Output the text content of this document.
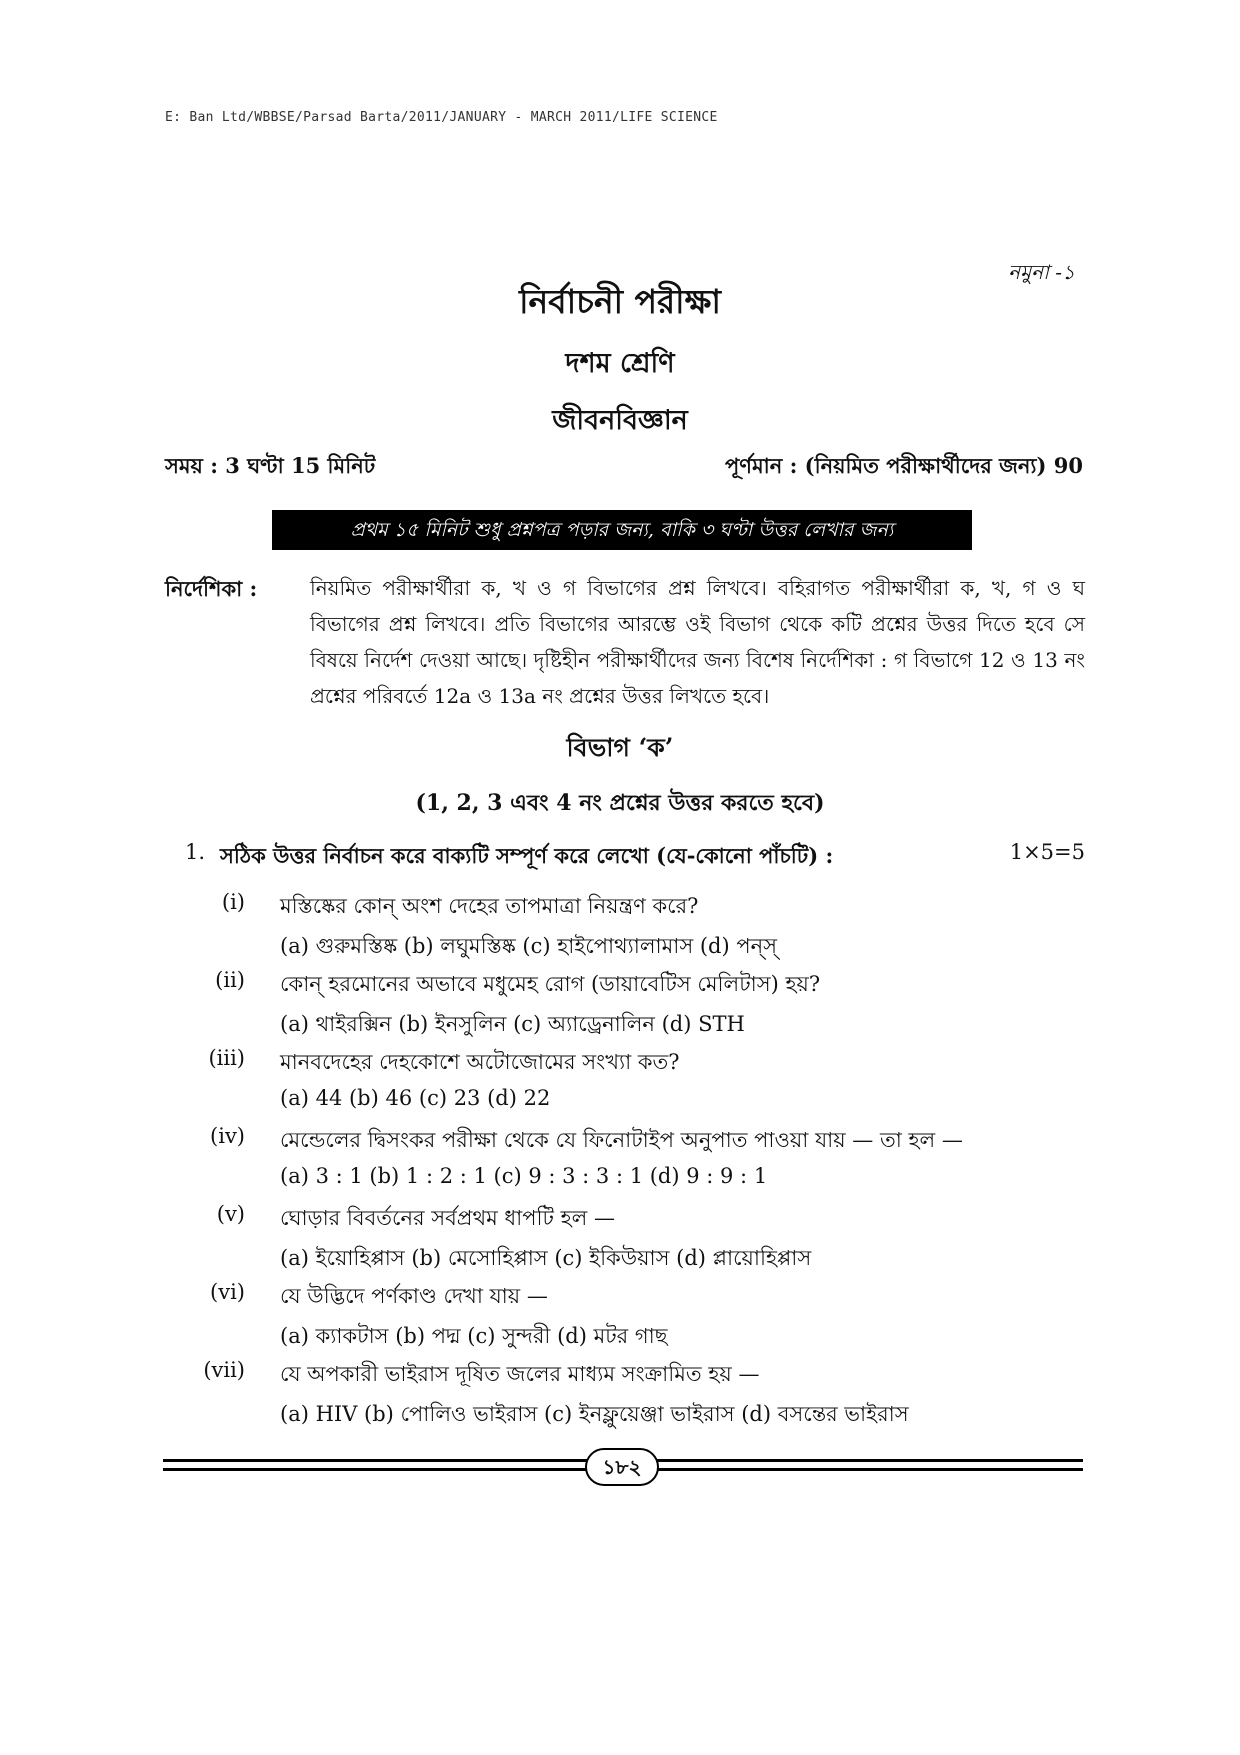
E: Ban Ltd/WBBSE/Parsad Barta/2011/JANUARY - MARCH 2011/LIFE SCIENCE
নমুনা -১
নির্বাচনী পরীক্ষা
দশম শ্রেণি
জীবনবিজ্ঞান
সময় : 3 ঘণ্টা 15 মিনিট	পূর্ণমান : (নিয়মিত পরীক্ষার্থীদের জন্য) 90
প্রথম ১৫ মিনিট শুধু প্রশ্নপত্র পড়ার জন্য, বাকি ৩ ঘণ্টা উত্তর লেখার জন্য
নির্দেশিকা :	নিয়মিত পরীক্ষার্থীরা ক, খ ও গ বিভাগের প্রশ্ন লিখবে। বহিরাগত পরীক্ষার্থীরা ক, খ, গ ও ঘ বিভাগের প্রশ্ন লিখবে। প্রতি বিভাগের আরম্ভে ওই বিভাগ থেকে কটি প্রশ্নের উত্তর দিতে হবে সে বিষয়ে নির্দেশ দেওয়া আছে। দৃষ্টিহীন পরীক্ষার্থীদের জন্য বিশেষ নির্দেশিকা : গ বিভাগে 12 ও 13 নং প্রশ্নের পরিবর্তে 12a ও 13a নং প্রশ্নের উত্তর লিখতে হবে।
বিভাগ ‘ক’
(1, 2, 3 এবং 4 নং প্রশ্নের উত্তর করতে হবে)
1. সঠিক উত্তর নির্বাচন করে বাক্যটি সম্পূর্ণ করে লেখো (যে-কোনো পাঁচটি) :	1×5=5
(i) মস্তিষ্কের কোন্ অংশ দেহের তাপমাত্রা নিয়ন্ত্রণ করে?
(a) গুরুমস্তিষ্ক (b) লঘুমস্তিষ্ক (c) হাইপোথ্যালামাস (d) পন্‌স্
(ii) কোন্ হরমোনের অভাবে মধুমেহ রোগ (ডায়াবেটিস মেলিটাস) হয়?
(a) থাইরক্সিন (b) ইনসুলিন (c) অ্যাড্রেনালিন (d) STH
(iii) মানবদেহের দেহকোশে অটোজোমের সংখ্যা কত?
(a) 44 (b) 46 (c) 23 (d) 22
(iv) মেন্ডেলের দ্বিসংকর পরীক্ষা থেকে যে ফিনোটাইপ অনুপাত পাওয়া যায় — তা হল —
(a) 3 : 1 (b) 1 : 2 : 1 (c) 9 : 3 : 3 : 1 (d) 9 : 9 : 1
(v) ঘোড়ার বিবর্তনের সর্বপ্রথম ধাপটি হল —
(a) ইয়োহিপ্পাস (b) মেসোহিপ্পাস (c) ইকিউয়াস (d) প্লায়োহিপ্পাস
(vi) যে উদ্ভিদে পর্ণকাণ্ড দেখা যায় —
(a) ক্যাকটাস (b) পদ্ম (c) সুন্দরী (d) মটর গাছ
(vii) যে অপকারী ভাইরাস দূষিত জলের মাধ্যম সংক্রামিত হয় —
(a) HIV (b) পোলিও ভাইরাস (c) ইনফ্লুয়েঞ্জা ভাইরাস (d) বসন্তের ভাইরাস
১৮২
